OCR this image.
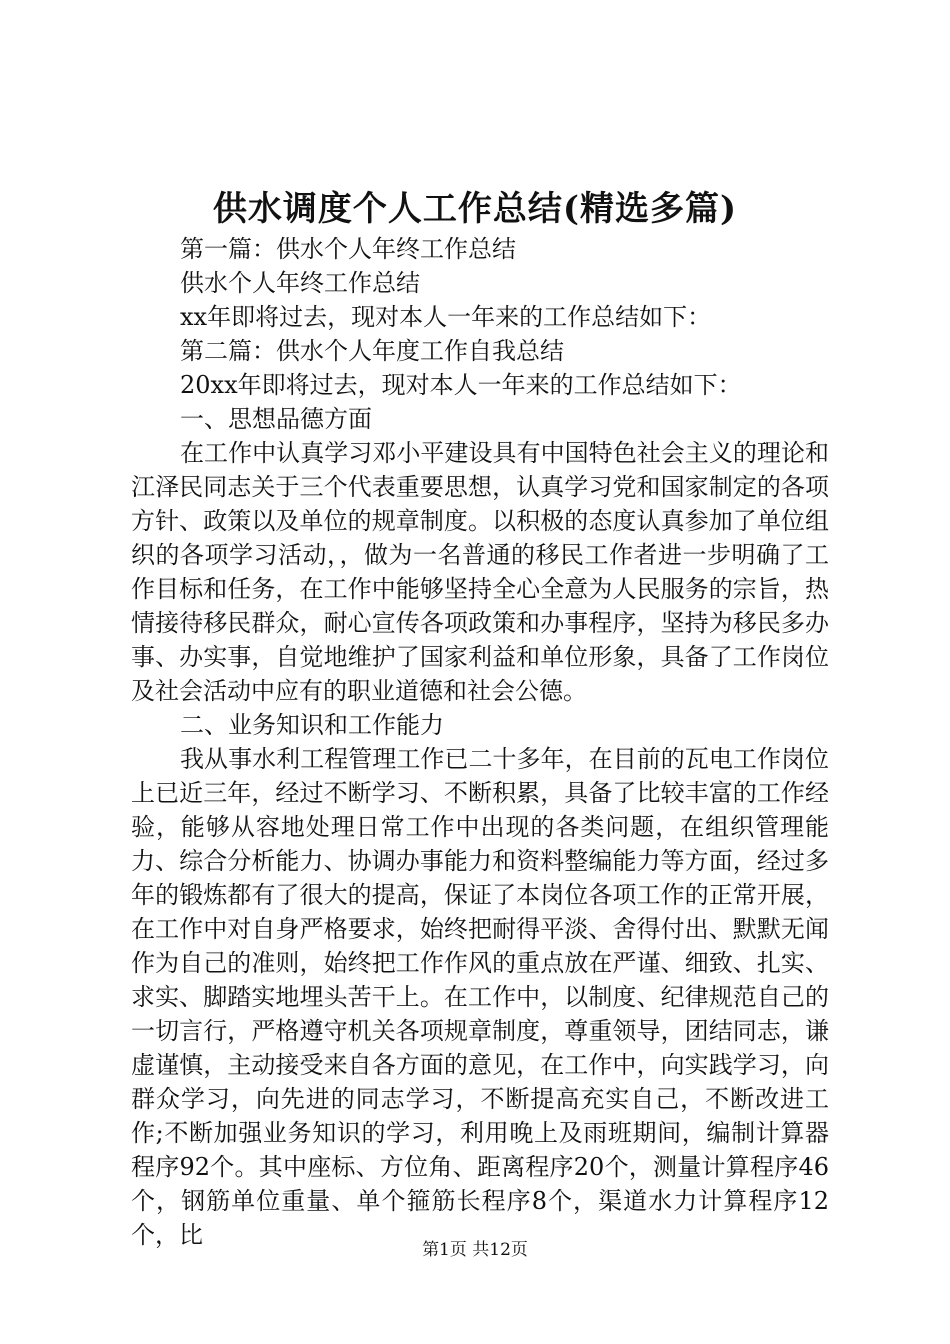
供水调度个人工作总结(精选多篇)
第一篇：供水个人年终工作总结
供水个人年终工作总结
xx年即将过去，现对本人一年来的工作总结如下：
第二篇：供水个人年度工作自我总结
20xx年即将过去，现对本人一年来的工作总结如下：
一、思想品德方面

在工作中认真学习邓小平建设具有中国特色社会主义的理论和江泽民同志关于三个代表重要思想，认真学习党和国家制定的各项方针、政策以及单位的规章制度。以积极的态度认真参加了单位组织的各项学习活动，，做为一名普通的移民工作者进一步明确了工作目标和任务，在工作中能够坚持全心全意为人民服务的宗旨，热情接待移民群众，耐心宣传各项政策和办事程序，坚持为移民多办事、办实事，自觉地维护了国家利益和单位形象，具备了工作岗位及社会活动中应有的职业道德和社会公德。

二、业务知识和工作能力

我从事水利工程管理工作已二十多年，在目前的瓦电工作岗位上已近三年，经过不断学习、不断积累，具备了比较丰富的工作经验，能够从容地处理日常工作中出现的各类问题，在组织管理能力、综合分析能力、协调办事能力和资料整编能力等方面，经过多年的锻炼都有了很大的提高，保证了本岗位各项工作的正常开展，在工作中对自身严格要求，始终把耐得平淡、舍得付出、默默无闻作为自己的准则，始终把工作作风的重点放在严谨、细致、扎实、求实、脚踏实地埋头苦干上。在工作中，以制度、纪律规范自己的一切言行，严格遵守机关各项规章制度，尊重领导，团结同志，谦虚谨慎，主动接受来自各方面的意见，在工作中，向实践学习，向群众学习，向先进的同志学习，不断提高充实自己，不断改进工作;不断加强业务知识的学习，利用晚上及雨班期间，编制计算器程序92个。其中座标、方位角、距离程序20个，测量计算程序46个，钢筋单位重量、单个箍筋长程序8个，渠道水力计算程序12个，比

第1页 共12页
